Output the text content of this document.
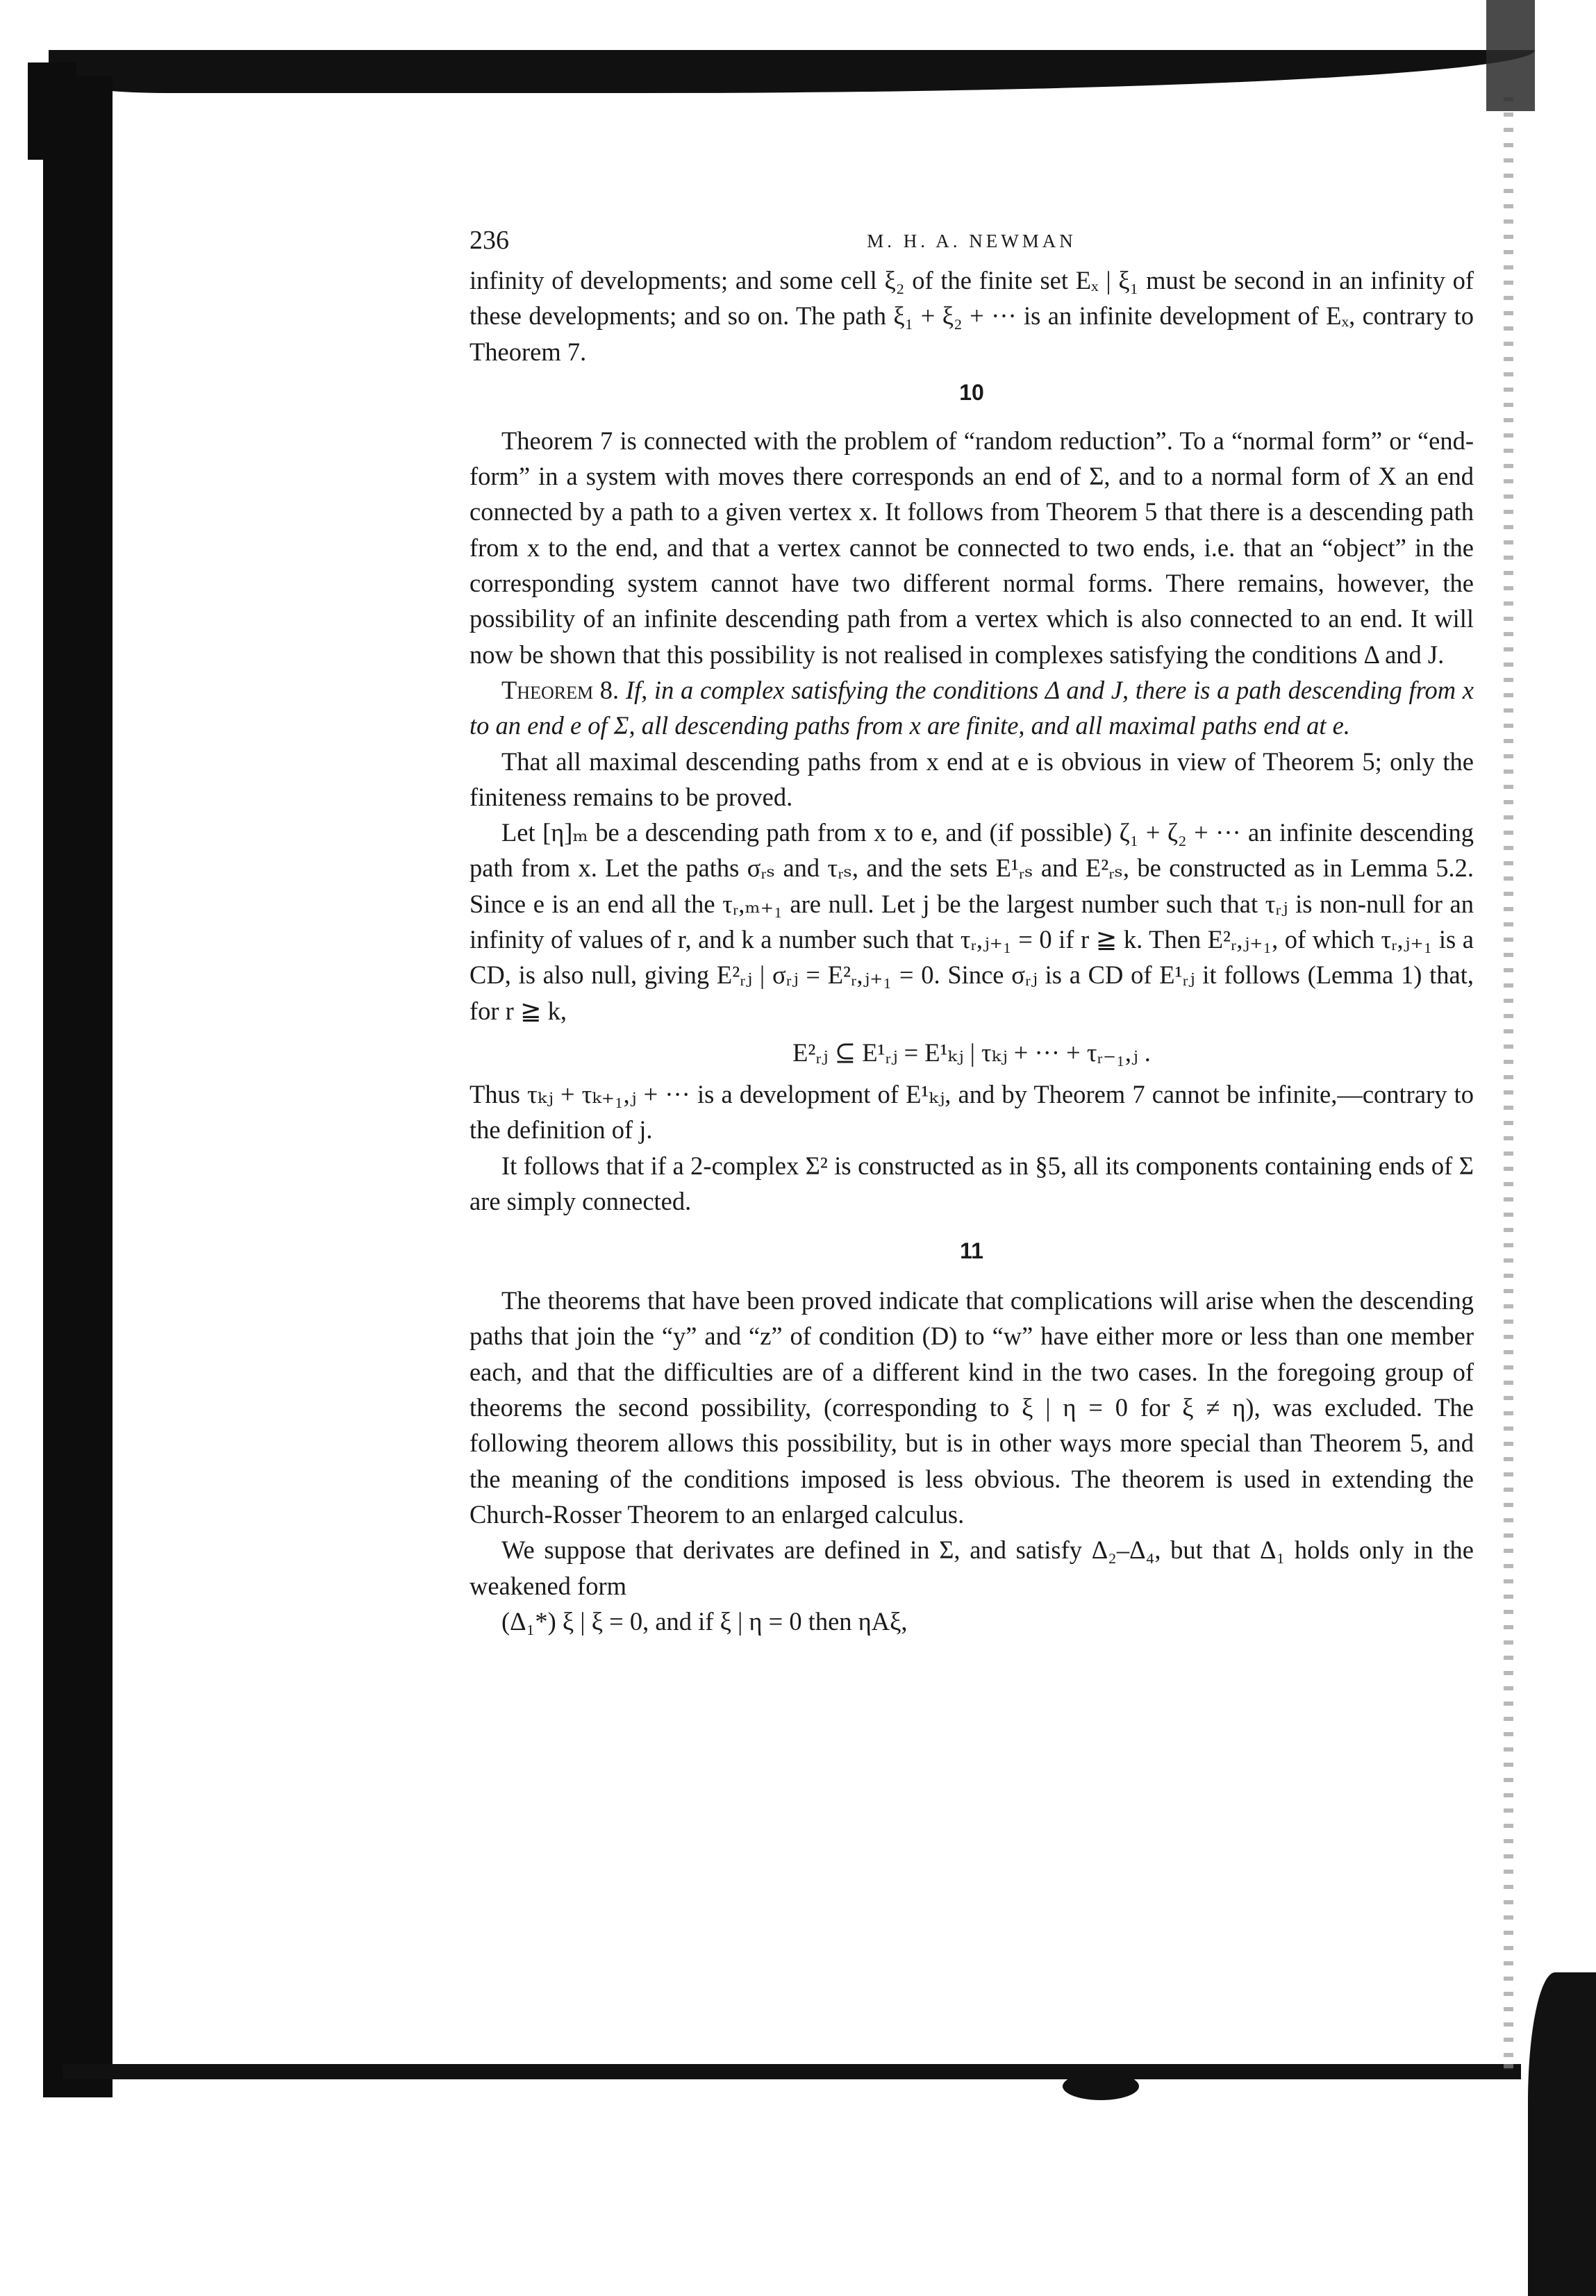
236	M. H. A. NEWMAN

infinity of developments; and some cell ξ₂ of the finite set Eₓ | ξ₁ must be second in an infinity of these developments; and so on. The path ξ₁ + ξ₂ + ··· is an infinite development of Eₓ, contrary to Theorem 7.

10

Theorem 7 is connected with the problem of “random reduction”. To a “normal form” or “end-form” in a system with moves there corresponds an end of Σ, and to a normal form of X an end connected by a path to a given vertex x. It follows from Theorem 5 that there is a descending path from x to the end, and that a vertex cannot be connected to two ends, i.e. that an “object” in the corresponding system cannot have two different normal forms. There remains, however, the possibility of an infinite descending path from a vertex which is also connected to an end. It will now be shown that this possibility is not realised in complexes satisfying the conditions Δ and J.

Theorem 8. If, in a complex satisfying the conditions Δ and J, there is a path descending from x to an end e of Σ, all descending paths from x are finite, and all maximal paths end at e.

That all maximal descending paths from x end at e is obvious in view of Theorem 5; only the finiteness remains to be proved.

Let [η]ₘ be a descending path from x to e, and (if possible) ζ₁ + ζ₂ + ··· an infinite descending path from x. Let the paths σᵣₛ and τᵣₛ, and the sets E¹ᵣₛ and E²ᵣₛ, be constructed as in Lemma 5.2. Since e is an end all the τᵣ,ₘ₊₁ are null. Let j be the largest number such that τᵣⱼ is non-null for an infinity of values of r, and k a number such that τᵣ,ⱼ₊₁ = 0 if r ≧ k. Then E²ᵣ,ⱼ₊₁, of which τᵣ,ⱼ₊₁ is a CD, is also null, giving E²ᵣⱼ | σᵣⱼ = E²ᵣ,ⱼ₊₁ = 0. Since σᵣⱼ is a CD of E¹ᵣⱼ it follows (Lemma 1) that, for r ≧ k,

E²ᵣⱼ ⊆ E¹ᵣⱼ = E¹ₖⱼ | τₖⱼ + ··· + τᵣ₋₁,ⱼ .

Thus τₖⱼ + τₖ₊₁,ⱼ + ··· is a development of E¹ₖⱼ, and by Theorem 7 cannot be infinite,—contrary to the definition of j.

It follows that if a 2-complex Σ² is constructed as in §5, all its components containing ends of Σ are simply connected.

11

The theorems that have been proved indicate that complications will arise when the descending paths that join the “y” and “z” of condition (D) to “w” have either more or less than one member each, and that the difficulties are of a different kind in the two cases. In the foregoing group of theorems the second possibility, (corresponding to ξ | η = 0 for ξ ≠ η), was excluded. The following theorem allows this possibility, but is in other ways more special than Theorem 5, and the meaning of the conditions imposed is less obvious. The theorem is used in extending the Church-Rosser Theorem to an enlarged calculus.

We suppose that derivates are defined in Σ, and satisfy Δ₂–Δ₄, but that Δ₁ holds only in the weakened form

(Δ₁*) ξ | ξ = 0, and if ξ | η = 0 then ηAξ,
